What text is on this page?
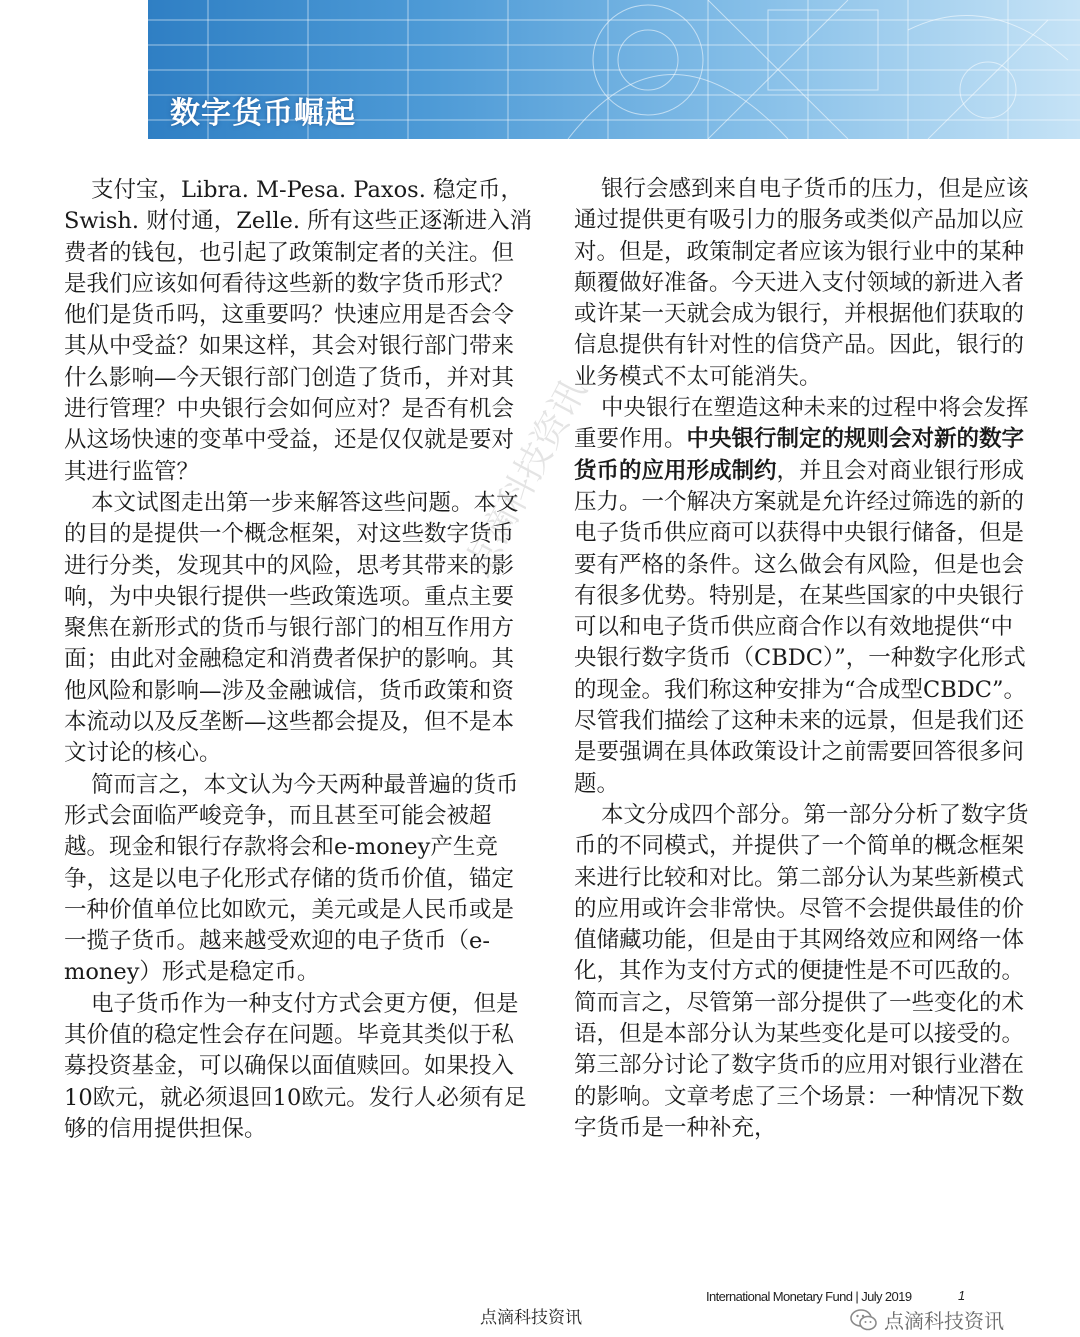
数字货币崛起

支付宝，Libra. M-Pesa. Paxos. 稳定币，Swish. 财付通，Zelle. 所有这些正逐渐进入消费者的钱包，也引起了政策制定者的关注。但是我们应该如何看待这些新的数字货币形式？他们是货币吗，这重要吗？快速应用是否会令其从中受益？如果这样，其会对银行部门带来什么影响—今天银行部门创造了货币，并对其进行管理？中央银行会如何应对？是否有机会从这场快速的变革中受益，还是仅仅就是要对其进行监管？

本文试图走出第一步来解答这些问题。本文的目的是提供一个概念框架，对这些数字货币进行分类，发现其中的风险，思考其带来的影响，为中央银行提供一些政策选项。重点主要聚焦在新形式的货币与银行部门的相互作用方面；由此对金融稳定和消费者保护的影响。其他风险和影响—涉及金融诚信，货币政策和资本流动以及反垄断—这些都会提及，但不是本文讨论的核心。

简而言之，本文认为今天两种最普遍的货币形式会面临严峻竞争，而且甚至可能会被超越。现金和银行存款将会和e-money产生竞争，这是以电子化形式存储的货币价值，锚定一种价值单位比如欧元，美元或是人民币或是一揽子货币。越来越受欢迎的电子货币（e-money）形式是稳定币。

电子货币作为一种支付方式会更方便，但是其价值的稳定性会存在问题。毕竟其类似于私募投资基金，可以确保以面值赎回。如果投入10欧元，就必须退回10欧元。发行人必须有足够的信用提供担保。

银行会感到来自电子货币的压力，但是应该通过提供更有吸引力的服务或类似产品加以应对。但是，政策制定者应该为银行业中的某种颠覆做好准备。今天进入支付领域的新进入者或许某一天就会成为银行，并根据他们获取的信息提供有针对性的信贷产品。因此，银行的业务模式不太可能消失。

中央银行在塑造这种未来的过程中将会发挥重要作用。中央银行制定的规则会对新的数字货币的应用形成制约，并且会对商业银行形成压力。一个解决方案就是允许经过筛选的新的电子货币供应商可以获得中央银行储备，但是要有严格的条件。这么做会有风险，但是也会有很多优势。特别是，在某些国家的中央银行可以和电子货币供应商合作以有效地提供“中央银行数字货币（CBDC）”，一种数字化形式的现金。我们称这种安排为“合成型CBDC”。尽管我们描绘了这种未来的远景，但是我们还是要强调在具体政策设计之前需要回答很多问题。

本文分成四个部分。第一部分分析了数字货币的不同模式，并提供了一个简单的概念框架来进行比较和对比。第二部分认为某些新模式的应用或许会非常快。尽管不会提供最佳的价值储藏功能，但是由于其网络效应和网络一体化，其作为支付方式的便捷性是不可匹敌的。简而言之，尽管第一部分提供了一些变化的术语，但是本部分认为某些变化是可以接受的。第三部分讨论了数字货币的应用对银行业潜在的影响。文章考虑了三个场景：一种情况下数字货币是一种补充，

点滴科技资讯
International Monetary Fund | July 2019	1
点滴科技资讯	点滴科技资讯
